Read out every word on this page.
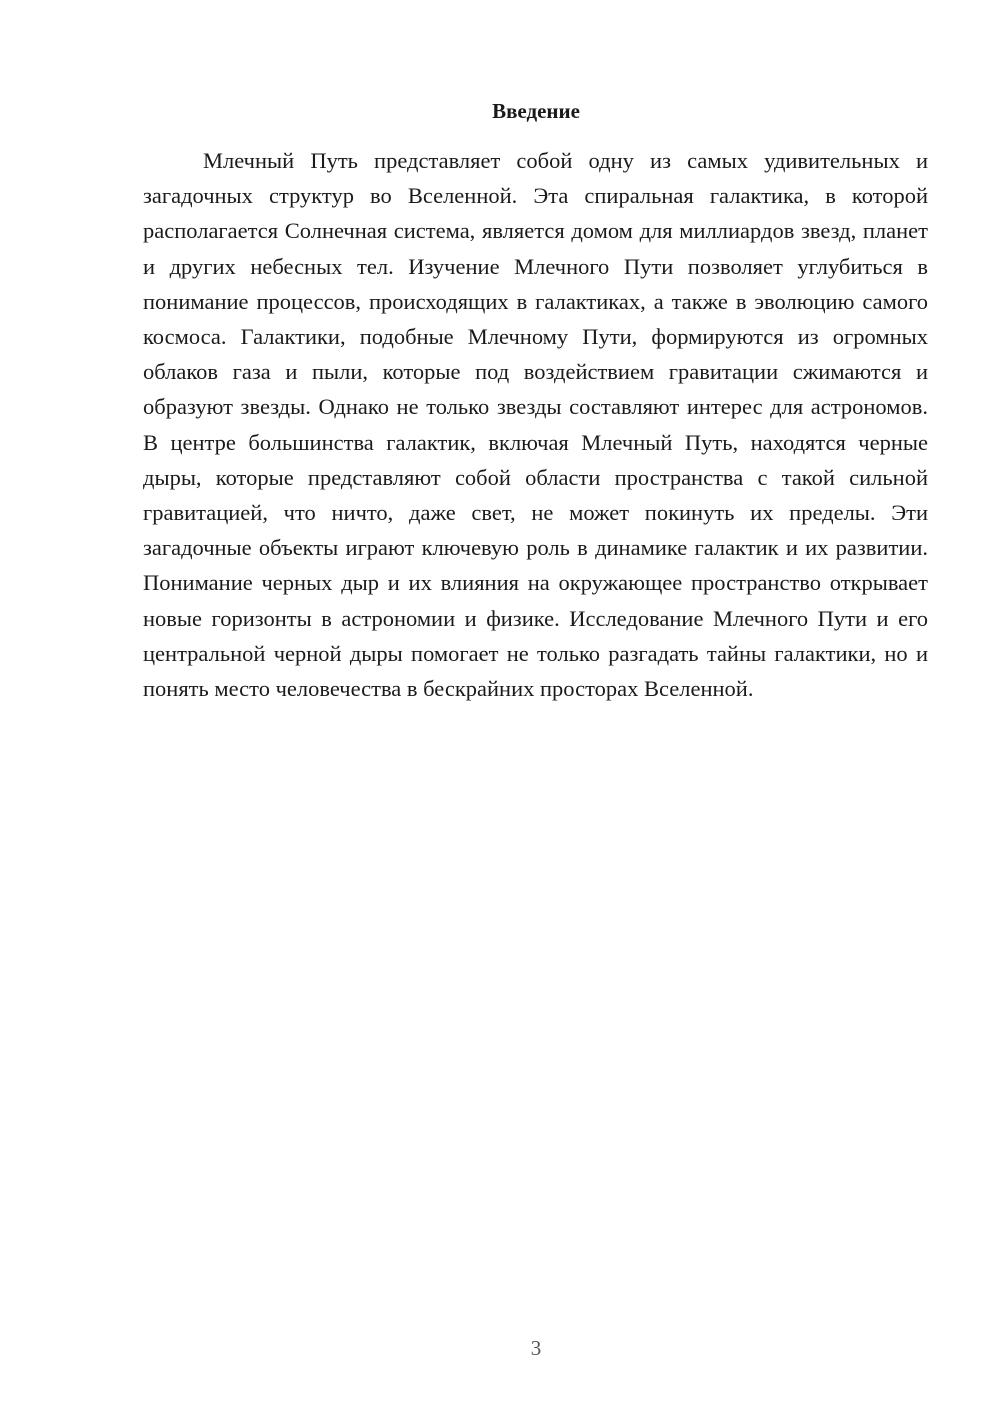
Введение

Млечный Путь представляет собой одну из самых удивительных и загадочных структур во Вселенной. Эта спиральная галактика, в которой располагается Солнечная система, является домом для миллиардов звезд, планет и других небесных тел. Изучение Млечного Пути позволяет углубиться в понимание процессов, происходящих в галактиках, а также в эволюцию самого космоса. Галактики, подобные Млечному Пути, формируются из огромных облаков газа и пыли, которые под воздействием гравитации сжимаются и образуют звезды. Однако не только звезды составляют интерес для астрономов. В центре большинства галактик, включая Млечный Путь, находятся черные дыры, которые представляют собой области пространства с такой сильной гравитацией, что ничто, даже свет, не может покинуть их пределы. Эти загадочные объекты играют ключевую роль в динамике галактик и их развитии. Понимание черных дыр и их влияния на окружающее пространство открывает новые горизонты в астрономии и физике. Исследование Млечного Пути и его центральной черной дыры помогает не только разгадать тайны галактики, но и понять место человечества в бескрайних просторах Вселенной.

3
